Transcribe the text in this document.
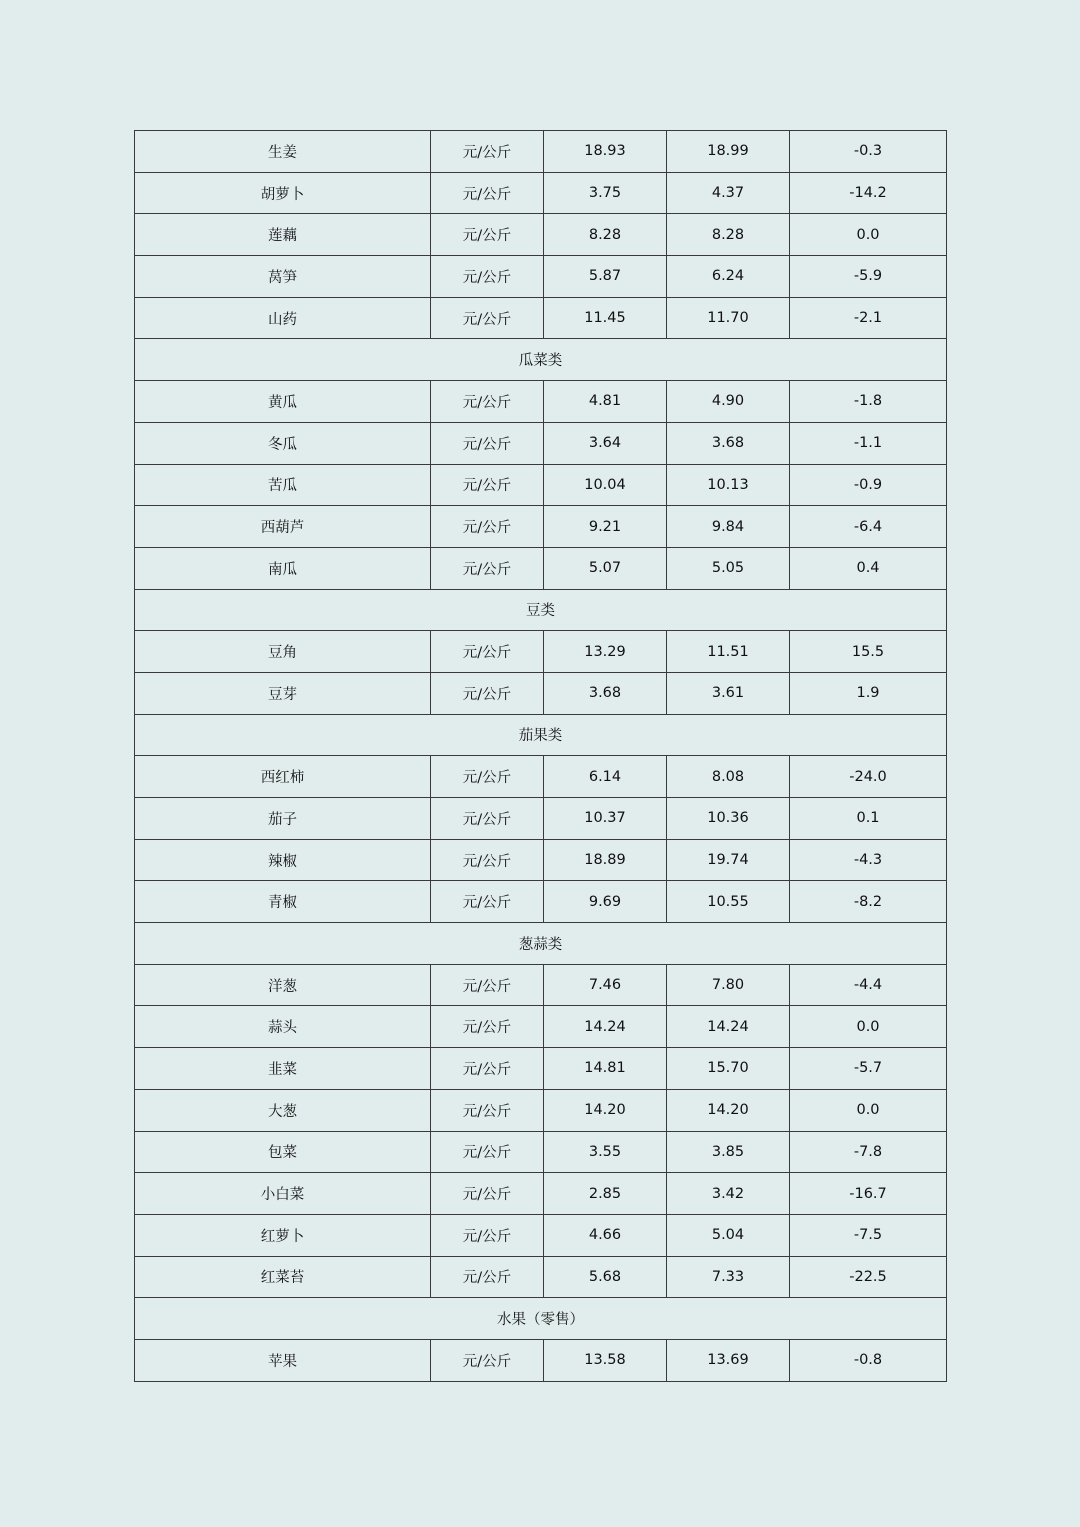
生姜	元/公斤	18.93	18.99	-0.3
胡萝卜	元/公斤	3.75	4.37	-14.2
莲藕	元/公斤	8.28	8.28	0.0
莴笋	元/公斤	5.87	6.24	-5.9
山药	元/公斤	11.45	11.70	-2.1
瓜菜类				
黄瓜	元/公斤	4.81	4.90	-1.8
冬瓜	元/公斤	3.64	3.68	-1.1
苦瓜	元/公斤	10.04	10.13	-0.9
西葫芦	元/公斤	9.21	9.84	-6.4
南瓜	元/公斤	5.07	5.05	0.4
豆类				
豆角	元/公斤	13.29	11.51	15.5
豆芽	元/公斤	3.68	3.61	1.9
茄果类				
西红柿	元/公斤	6.14	8.08	-24.0
茄子	元/公斤	10.37	10.36	0.1
辣椒	元/公斤	18.89	19.74	-4.3
青椒	元/公斤	9.69	10.55	-8.2
葱蒜类				
洋葱	元/公斤	7.46	7.80	-4.4
蒜头	元/公斤	14.24	14.24	0.0
韭菜	元/公斤	14.81	15.70	-5.7
大葱	元/公斤	14.20	14.20	0.0
包菜	元/公斤	3.55	3.85	-7.8
小白菜	元/公斤	2.85	3.42	-16.7
红萝卜	元/公斤	4.66	5.04	-7.5
红菜苔	元/公斤	5.68	7.33	-22.5
水果（零售）				
苹果	元/公斤	13.58	13.69	-0.8
